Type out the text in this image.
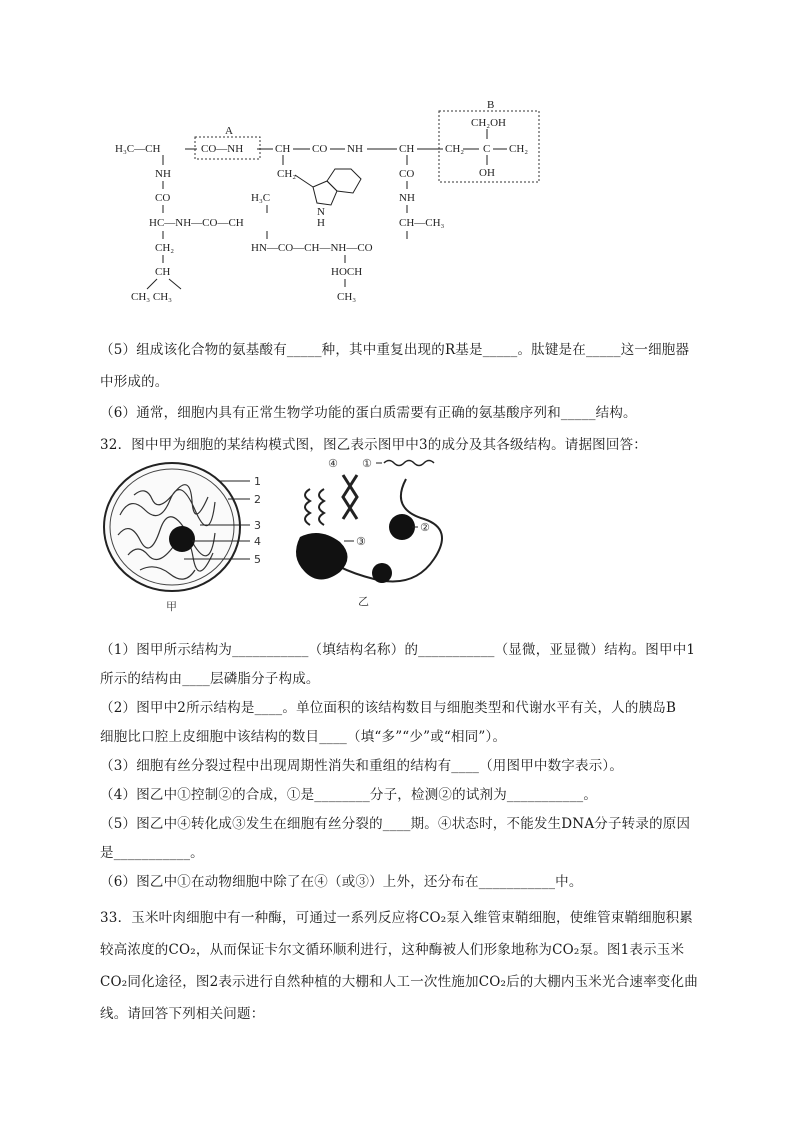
A
B
H₃C—CH	CO—NH	CH CO NH	CH	CH₂ C CH₂
CH₂OH
OH
CH₂
N
H
NH
CO
HC—NH—CO—CH
H₃C
CH₂
CH
CH₃ CH₃
HN—CO—CH—NH—CO
HOCH
CH₃
CO
NH
CH—CH₃
（5）组成该化合物的氨基酸有_____种，其中重复出现的R基是_____。肽键是在_____这一细胞器
中形成的。
（6）通常，细胞内具有正常生物学功能的蛋白质需要有正确的氨基酸序列和_____结构。
32．图中甲为细胞的某结构模式图，图乙表示图甲中3的成分及其各级结构。请据图回答：
1
2
3
4
5
甲
④ ①
②
③
乙
（1）图甲所示结构为___________（填结构名称）的___________（显微，亚显微）结构。图甲中1
所示的结构由____层磷脂分子构成。
（2）图甲中2所示结构是____。单位面积的该结构数目与细胞类型和代谢水平有关，人的胰岛B
细胞比口腔上皮细胞中该结构的数目____（填“多”“少”或“相同”）。
（3）细胞有丝分裂过程中出现周期性消失和重组的结构有____（用图甲中数字表示）。
（4）图乙中①控制②的合成，①是________分子，检测②的试剂为___________。
（5）图乙中④转化成③发生在细胞有丝分裂的____期。④状态时，不能发生DNA分子转录的原因
是___________。
（6）图乙中①在动物细胞中除了在④（或③）上外，还分布在___________中。
33．玉米叶肉细胞中有一种酶，可通过一系列反应将CO₂泵入维管束鞘细胞，使维管束鞘细胞积累
较高浓度的CO₂，从而保证卡尔文循环顺利进行，这种酶被人们形象地称为CO₂泵。图1表示玉米
CO₂同化途径，图2表示进行自然种植的大棚和人工一次性施加CO₂后的大棚内玉米光合速率变化曲
线。请回答下列相关问题：
